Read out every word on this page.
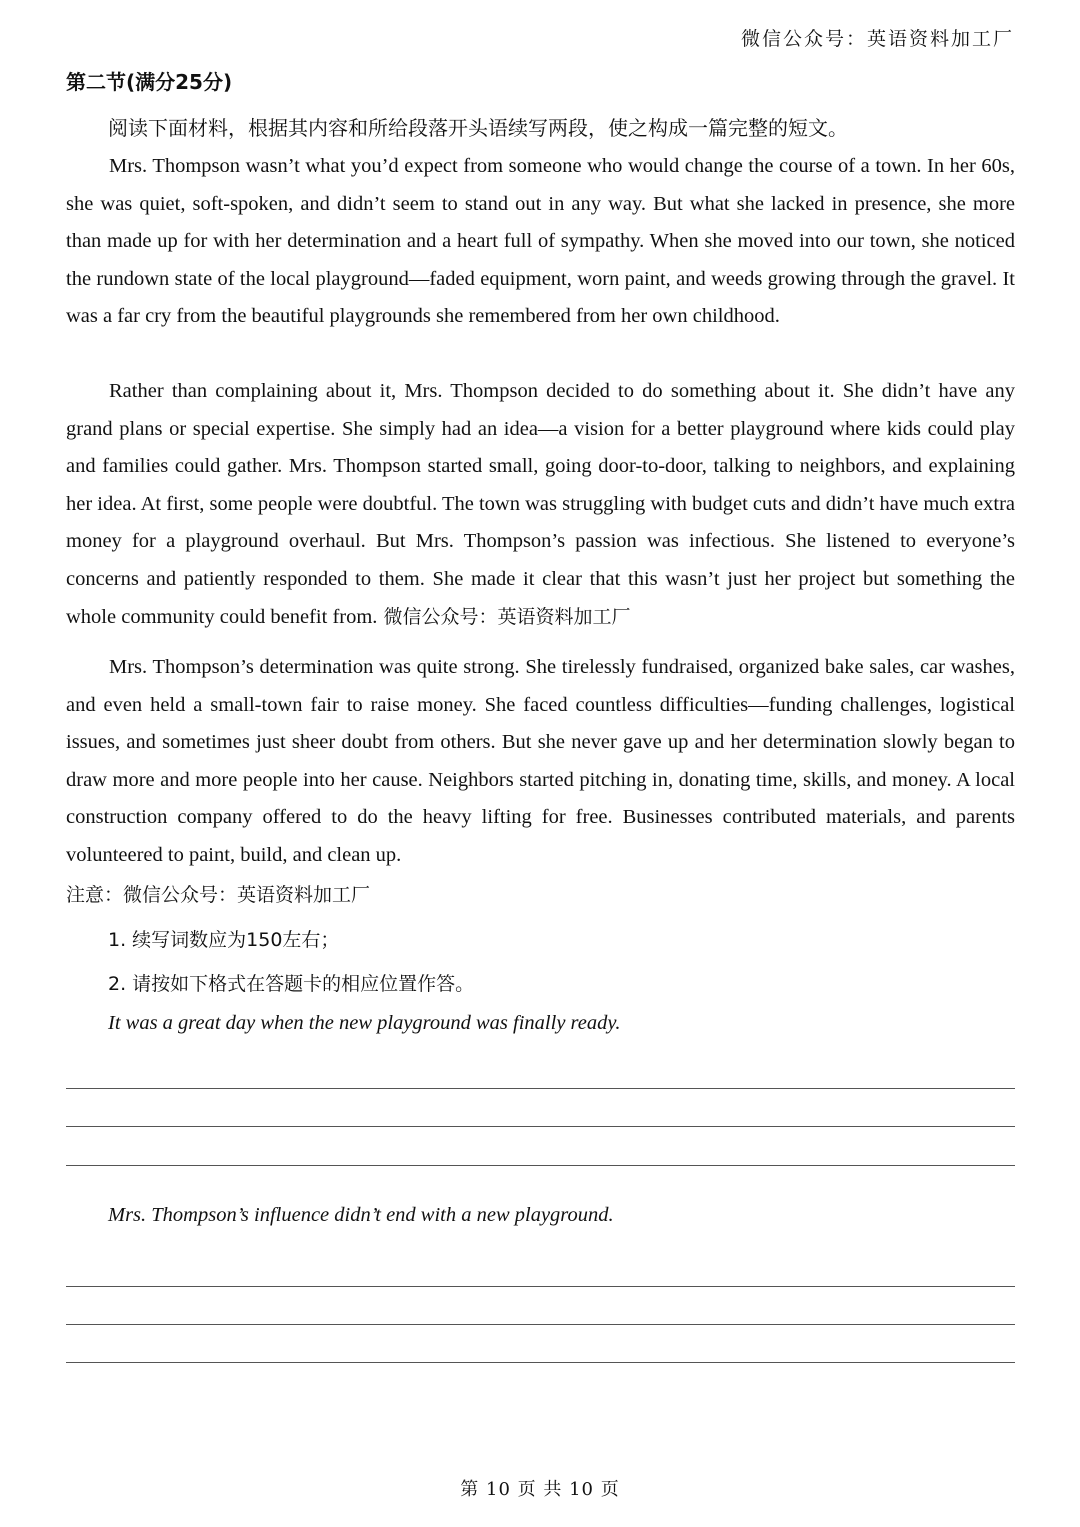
微信公众号：英语资料加工厂
第二节(满分25分)
阅读下面材料，根据其内容和所给段落开头语续写两段，使之构成一篇完整的短文。

Mrs. Thompson wasn’t what you’d expect from someone who would change the course of a town. In her 60s, she was quiet, soft-spoken, and didn’t seem to stand out in any way. But what she lacked in presence, she more than made up for with her determination and a heart full of sympathy. When she moved into our town, she noticed the rundown state of the local playground—faded equipment, worn paint, and weeds growing through the gravel. It was a far cry from the beautiful playgrounds she remembered from her own childhood.

Rather than complaining about it, Mrs. Thompson decided to do something about it. She didn’t have any grand plans or special expertise. She simply had an idea—a vision for a better playground where kids could play and families could gather. Mrs. Thompson started small, going door-to-door, talking to neighbors, and explaining her idea. At first, some people were doubtful. The town was struggling with budget cuts and didn’t have much extra money for a playground overhaul. But Mrs. Thompson’s passion was infectious. She listened to everyone’s concerns and patiently responded to them. She made it clear that this wasn’t just her project but something the whole community could benefit from. 微信公众号：英语资料加工厂

Mrs. Thompson’s determination was quite strong. She tirelessly fundraised, organized bake sales, car washes, and even held a small-town fair to raise money. She faced countless difficulties—funding challenges, logistical issues, and sometimes just sheer doubt from others. But she never gave up and her determination slowly began to draw more and more people into her cause. Neighbors started pitching in, donating time, skills, and money. A local construction company offered to do the heavy lifting for free. Businesses contributed materials, and parents volunteered to paint, build, and clean up.

注意：微信公众号：英语资料加工厂
1. 续写词数应为150左右；
2. 请按如下格式在答题卡的相应位置作答。
It was a great day when the new playground was finally ready.
Mrs. Thompson’s influence didn’t end with a new playground.
第 10 页 共 10 页
